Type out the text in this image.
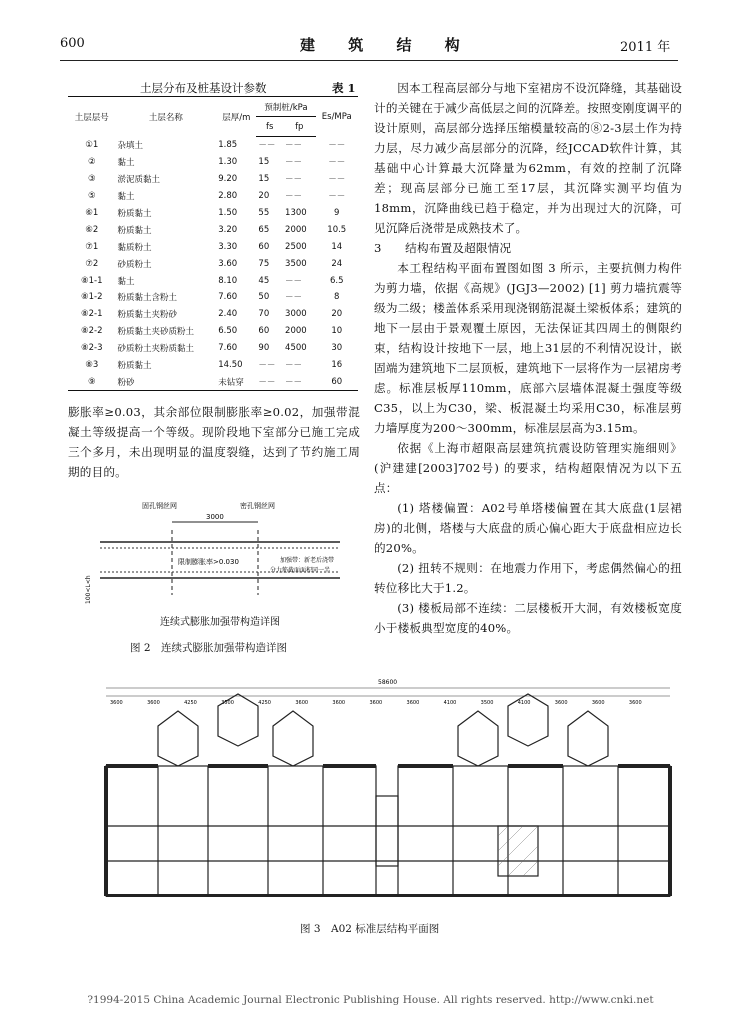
600	建 筑 结 构	2011 年
土层分布及桩基设计参数	表 1
土层层号	土层名称	层厚/m	预制桩/kPa		Es/MPa
			fs	fp	
①1	杂填土	1.85	－－	－－	－－
②	黏土	1.30	15	－－	－－
③	淤泥质黏土	9.20	15	－－	－－
⑤	黏土	2.80	20	－－	－－
⑥1	粉质黏土	1.50	55	1300	9
⑥2	粉质黏土	3.20	65	2000	10.5
⑦1	黏质粉土	3.30	60	2500	14
⑦2	砂质粉土	3.60	75	3500	24
⑧1-1	黏土	8.10	45	－－	6.5
⑧1-2	粉质黏土含粉土	7.60	50	－－	8
⑧2-1	粉质黏土夹粉砂	2.40	70	3000	20
⑧2-2	粉质黏土夹砂质粉土	6.50	60	2000	10
⑧2-3	砂质粉土夹粉质黏土	7.60	90	4500	30
⑧3	粉质黏土	14.50	－－	－－	16
⑨	粉砂	未钻穿	－－	－－	60
膨胀率≥0.03，其余部位限制膨胀率≥0.02，加强带混凝土等级提高一个等级。现阶段地下室部分已施工完成三个多月，未出现明显的温度裂缝，达到了节约施工周期的目的。
固孔钢丝网	密孔钢丝网
3000
限制膨胀率>0.030	加强带：新老后浇带
分力筋截面面积同一半
100<L<h
连续式膨胀加强带构造详图
图 2　连续式膨胀加强带构造详图

因本工程高层部分与地下室裙房不设沉降缝，其基础设计的关键在于减少高低层之间的沉降差。按照变刚度调平的设计原则，高层部分选择压缩模量较高的⑧2-3层土作为持力层，尽力减少高层部分的沉降，经JCCAD软件计算，其基础中心计算最大沉降量为62mm，有效的控制了沉降差；现高层部分已施工至17层，其沉降实测平均值为18mm，沉降曲线已趋于稳定，并为出现过大的沉降，可见沉降后浇带是成熟技术了。

3　　结构布置及超限情况

本工程结构平面布置图如图 3 所示，主要抗侧力构件为剪力墙，依据《高规》(JGJ3—2002) [1] 剪力墙抗震等级为二级；楼盖体系采用现浇钢筋混凝土梁板体系；建筑的地下一层由于景观覆土原因，无法保证其四周土的侧限约束，结构设计按地下一层，地上31层的不利情况设计，嵌固端为建筑地下二层顶板，建筑地下一层将作为一层裙房考虑。标准层板厚110mm，底部六层墙体混凝土强度等级C35，以上为C30，梁、板混凝土均采用C30，标准层剪力墙厚度为200～300mm，标准层层高为3.15m。

依据《上海市超限高层建筑抗震设防管理实施细则》(沪建建[2003]702号) 的要求，结构超限情况为以下五点：

(1) 塔楼偏置：A02号单塔楼偏置在其大底盘(1层裙房)的北侧，塔楼与大底盘的质心偏心距大于底盘相应边长的20%。

(2) 扭转不规则：在地震力作用下，考虑偶然偏心的扭转位移比大于1.2。

(3) 楼板局部不连续：二层楼板开大洞，有效楼板宽度小于楼板典型宽度的40%。

58600
3600	3600	4250	3500	4250	3600	3600	3600	3600	4100	3500	4100	3600	3600	3600
图 3　A02 标准层结构平面图
?1994-2015 China Academic Journal Electronic Publishing House. All rights reserved. http://www.cnki.net
